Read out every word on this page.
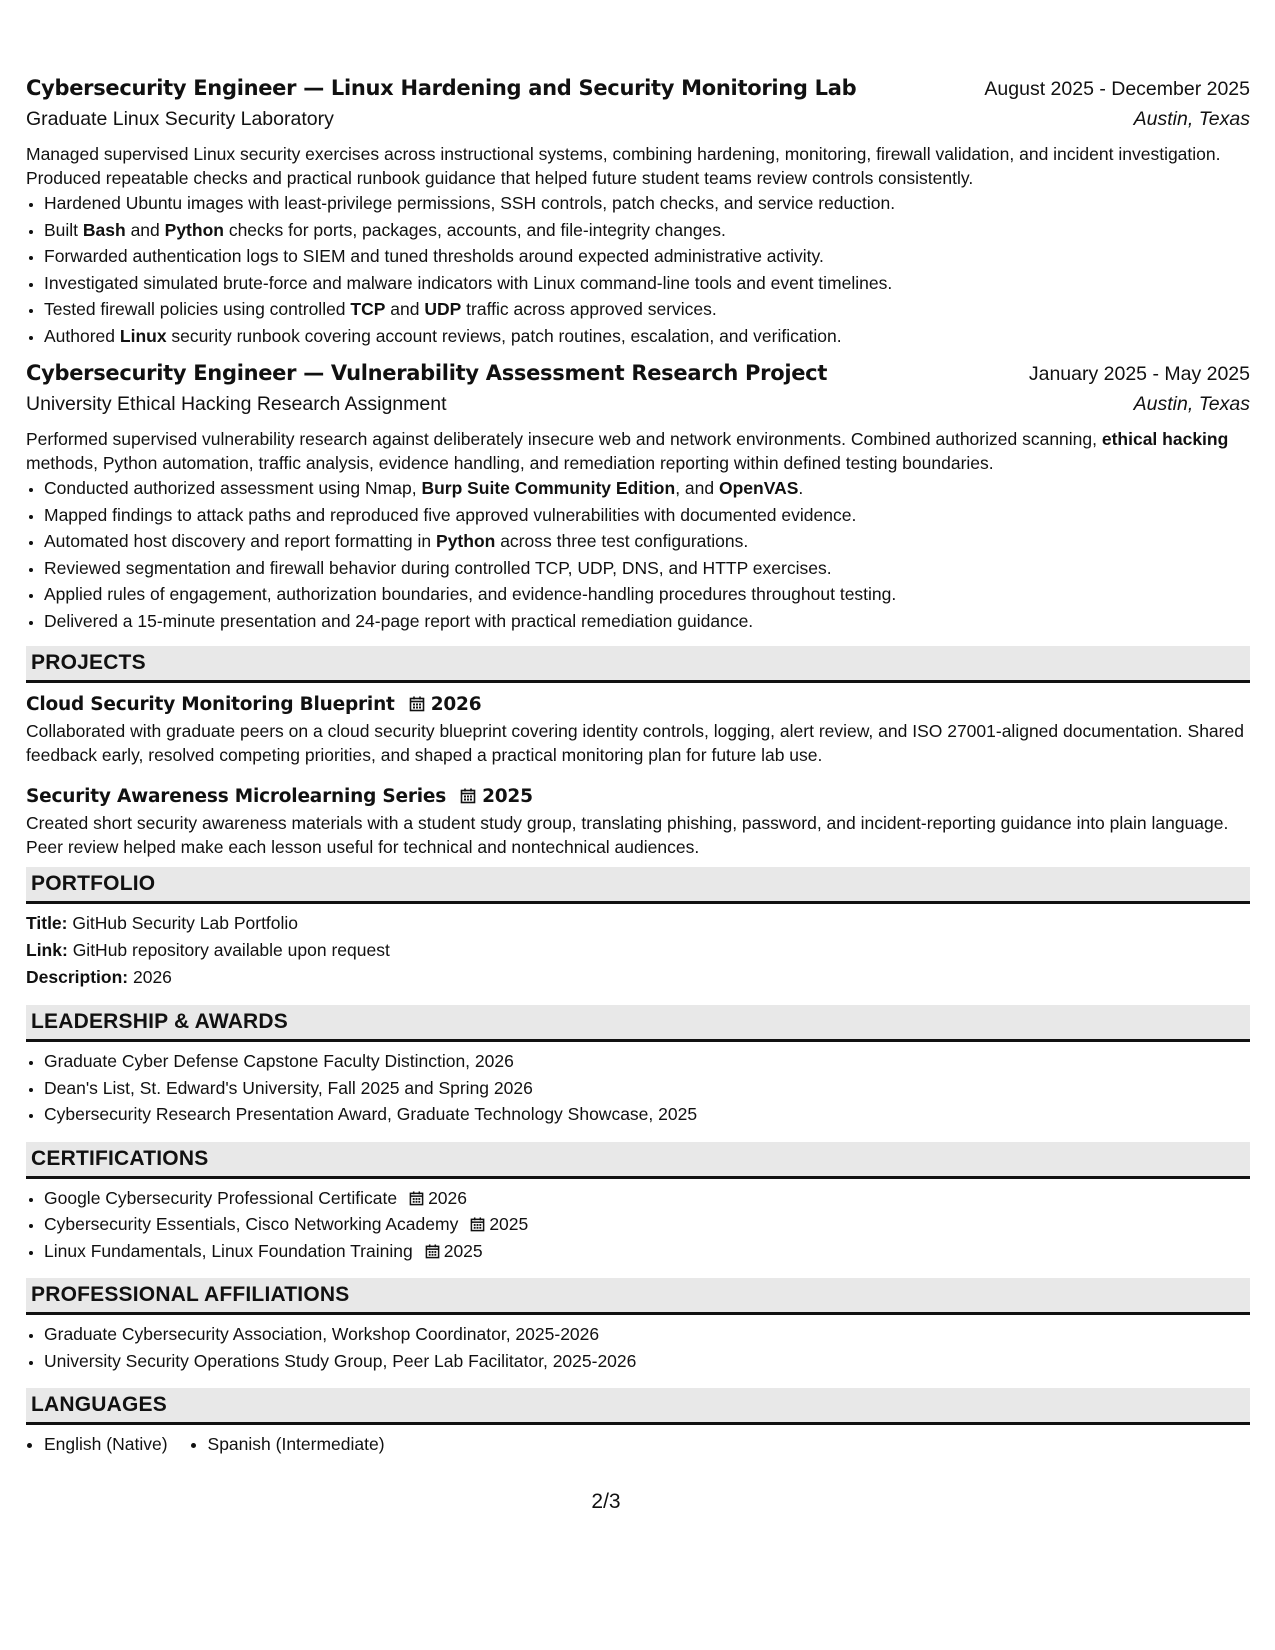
Cybersecurity Engineer — Linux Hardening and Security Monitoring Lab	August 2025 - December 2025
Graduate Linux Security Laboratory	Austin, Texas
Managed supervised Linux security exercises across instructional systems, combining hardening, monitoring, firewall validation, and incident investigation. Produced repeatable checks and practical runbook guidance that helped future student teams review controls consistently.
• Hardened Ubuntu images with least-privilege permissions, SSH controls, patch checks, and service reduction.
• Built Bash and Python checks for ports, packages, accounts, and file-integrity changes.
• Forwarded authentication logs to SIEM and tuned thresholds around expected administrative activity.
• Investigated simulated brute-force and malware indicators with Linux command-line tools and event timelines.
• Tested firewall policies using controlled TCP and UDP traffic across approved services.
• Authored Linux security runbook covering account reviews, patch routines, escalation, and verification.
Cybersecurity Engineer — Vulnerability Assessment Research Project	January 2025 - May 2025
University Ethical Hacking Research Assignment	Austin, Texas
Performed supervised vulnerability research against deliberately insecure web and network environments. Combined authorized scanning, ethical hacking methods, Python automation, traffic analysis, evidence handling, and remediation reporting within defined testing boundaries.
• Conducted authorized assessment using Nmap, Burp Suite Community Edition, and OpenVAS.
• Mapped findings to attack paths and reproduced five approved vulnerabilities with documented evidence.
• Automated host discovery and report formatting in Python across three test configurations.
• Reviewed segmentation and firewall behavior during controlled TCP, UDP, DNS, and HTTP exercises.
• Applied rules of engagement, authorization boundaries, and evidence-handling procedures throughout testing.
• Delivered a 15-minute presentation and 24-page report with practical remediation guidance.
PROJECTS
Cloud Security Monitoring Blueprint 2026
Collaborated with graduate peers on a cloud security blueprint covering identity controls, logging, alert review, and ISO 27001-aligned documentation. Shared feedback early, resolved competing priorities, and shaped a practical monitoring plan for future lab use.
Security Awareness Microlearning Series 2025
Created short security awareness materials with a student study group, translating phishing, password, and incident-reporting guidance into plain language. Peer review helped make each lesson useful for technical and nontechnical audiences.
PORTFOLIO
Title: GitHub Security Lab Portfolio
Link: GitHub repository available upon request
Description: 2026
LEADERSHIP & AWARDS
• Graduate Cyber Defense Capstone Faculty Distinction, 2026
• Dean's List, St. Edward's University, Fall 2025 and Spring 2026
• Cybersecurity Research Presentation Award, Graduate Technology Showcase, 2025
CERTIFICATIONS
• Google Cybersecurity Professional Certificate 2026
• Cybersecurity Essentials, Cisco Networking Academy 2025
• Linux Fundamentals, Linux Foundation Training 2025
PROFESSIONAL AFFILIATIONS
• Graduate Cybersecurity Association, Workshop Coordinator, 2025-2026
• University Security Operations Study Group, Peer Lab Facilitator, 2025-2026
LANGUAGES
• English (Native)
• Spanish (Intermediate)
2/3
